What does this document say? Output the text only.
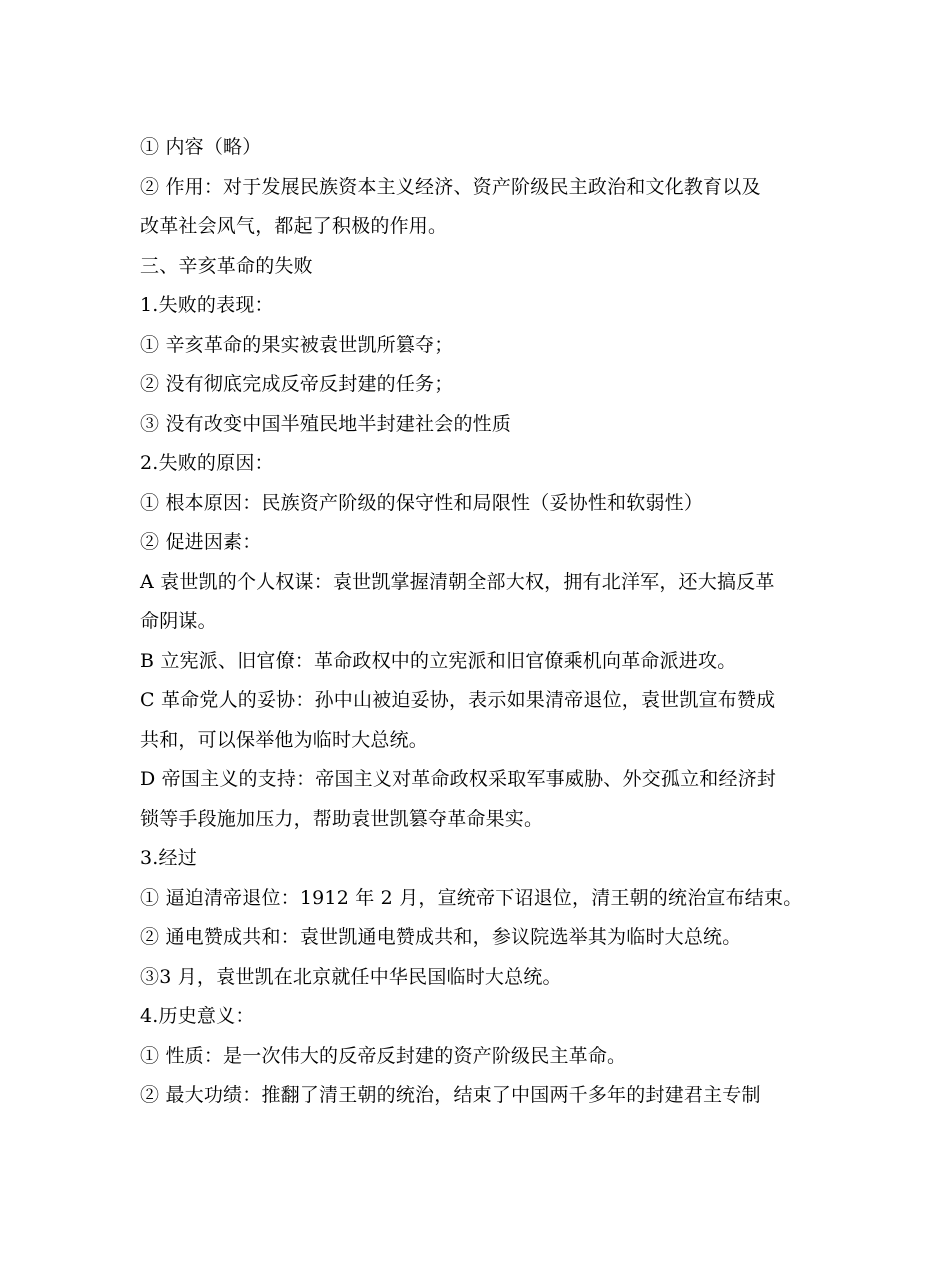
① 内容（略）
② 作用：对于发展民族资本主义经济、资产阶级民主政治和文化教育以及
改革社会风气，都起了积极的作用。
三、辛亥革命的失败
1.失败的表现：
① 辛亥革命的果实被袁世凯所篡夺；
② 没有彻底完成反帝反封建的任务；
③ 没有改变中国半殖民地半封建社会的性质
2.失败的原因：
① 根本原因：民族资产阶级的保守性和局限性（妥协性和软弱性）
② 促进因素：
A 袁世凯的个人权谋：袁世凯掌握清朝全部大权，拥有北洋军，还大搞反革
命阴谋。
B 立宪派、旧官僚：革命政权中的立宪派和旧官僚乘机向革命派进攻。
C 革命党人的妥协：孙中山被迫妥协，表示如果清帝退位，袁世凯宣布赞成
共和，可以保举他为临时大总统。
D 帝国主义的支持：帝国主义对革命政权采取军事威胁、外交孤立和经济封
锁等手段施加压力，帮助袁世凯篡夺革命果实。
3.经过
① 逼迫清帝退位：1912 年 2 月，宣统帝下诏退位，清王朝的统治宣布结束。
② 通电赞成共和：袁世凯通电赞成共和，参议院选举其为临时大总统。
③3 月，袁世凯在北京就任中华民国临时大总统。
4.历史意义：
① 性质：是一次伟大的反帝反封建的资产阶级民主革命。
② 最大功绩：推翻了清王朝的统治，结束了中国两千多年的封建君主专制
